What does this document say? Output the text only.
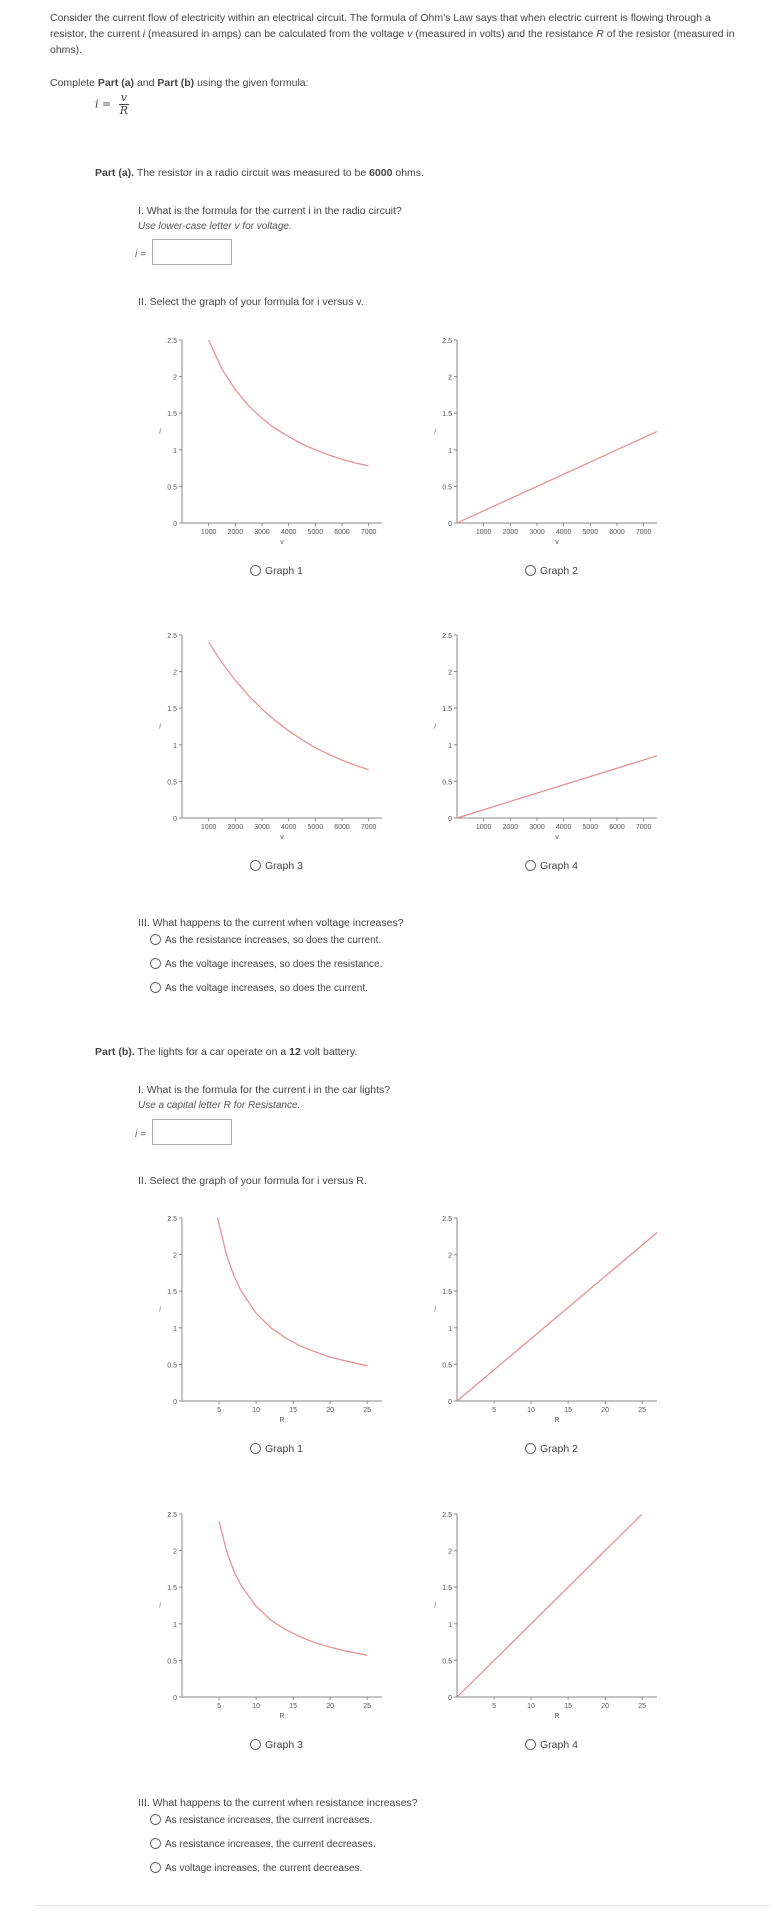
Consider the current flow of electricity within an electrical circuit. The formula of Ohm's Law says that when electric current is flowing through a
resistor, the current i (measured in amps) can be calculated from the voltage v (measured in volts) and the resistance R of the resistor (measured in
ohms).
Complete Part (a) and Part (b) using the given formula:
$i = \frac{v}{R}$
Part (a). The resistor in a radio circuit was measured to be 6000 ohms.
I. What is the formula for the current i in the radio circuit?
Use lower-case letter v for voltage.
i =
II. Select the graph of your formula for i versus v.
0
0.5
1
1.5
2
2.5
1000 2000 3000 4000 5000 6000 7000
v
i
0
0.5
1
1.5
2
2.5
1000 2000 3000 4000 5000 6000 7000
v
i
0
0.5
1
1.5
2
2.5
1000 2000 3000 4000 5000 6000 7000
v
i
0
0.5
1
1.5
2
2.5
1000 2000 3000 4000 5000 6000 7000
v
i
Graph 1	Graph 2
Graph 3	Graph 4
III. What happens to the current when voltage increases?
As the resistance increases, so does the current.
As the voltage increases, so does the resistance.
As the voltage increases, so does the current.
Part (b). The lights for a car operate on a 12 volt battery.
I. What is the formula for the current i in the car lights?
Use a capital letter R for Resistance.
i =
II. Select the graph of your formula for i versus R.
0
0.5
1
1.5
2
2.5
5	10	15	20	25
R
i
0
0.5
1
1.5
2
2.5
5	10	15	20	25
R
i
0
0.5
1
1.5
2
2.5
5	10	15	20	25
R
i
0
0.5
1
1.5
2
2.5
5	10	15	20	25
R
i
Graph 1	Graph 2
Graph 3	Graph 4
III. What happens to the current when resistance increases?
As resistance increases, the current increases.
As resistance increases, the current decreases.
As voltage increases, the current decreases.
